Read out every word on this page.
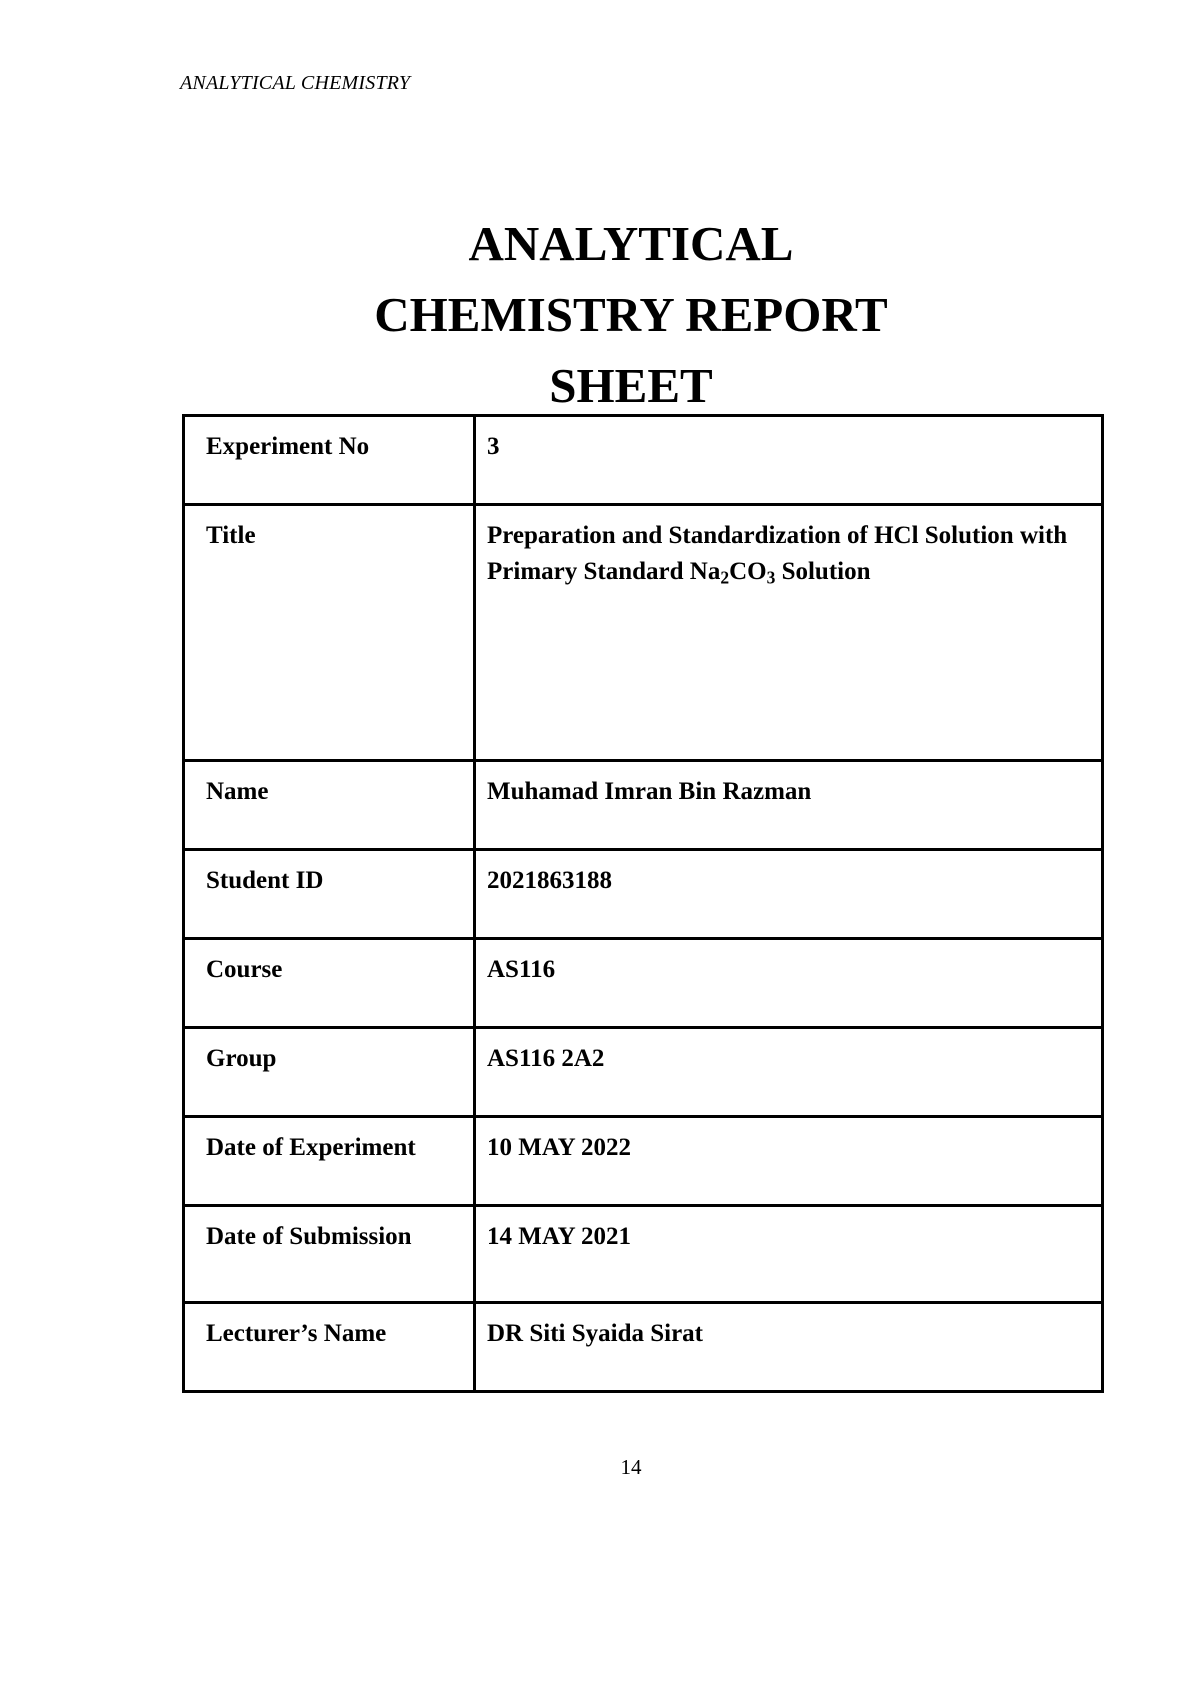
ANALYTICAL CHEMISTRY
ANALYTICAL
CHEMISTRY REPORT
SHEET
Experiment No	3
Title	Preparation and Standardization of HCl Solution with Primary Standard $Na_2CO_3$ Solution
Name	Muhamad Imran Bin Razman
Student ID	2021863188
Course	AS116
Group	AS116 2A2
Date of Experiment	10 MAY 2022
Date of Submission	14 MAY 2021
Lecturer’s Name	DR Siti Syaida Sirat
14
